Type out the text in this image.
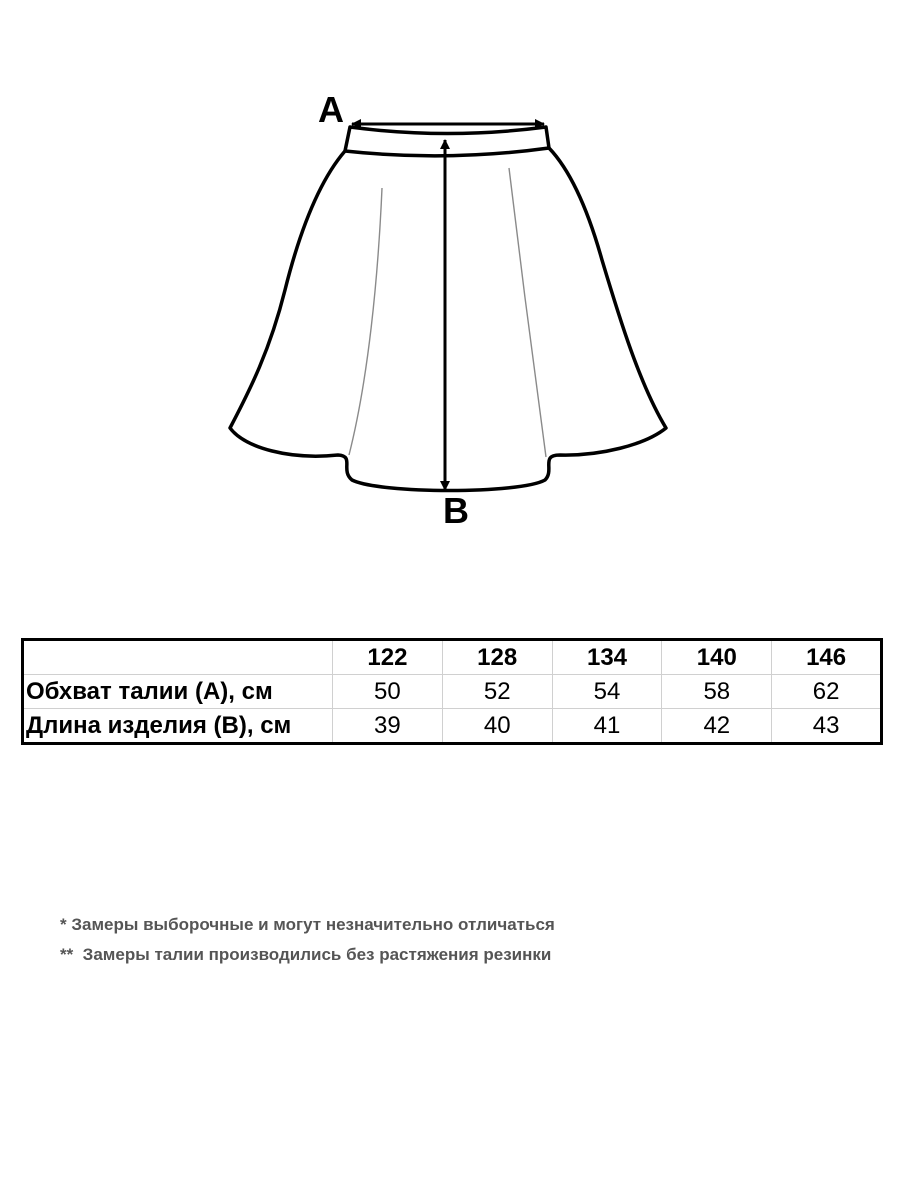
A
B
	122	128	134	140	146
Обхват талии (А), см	50	52	54	58	62
Длина изделия (В), см	39	40	41	42	43
* Замеры выборочные и могут незначительно отличаться
**  Замеры талии производились без растяжения резинки
